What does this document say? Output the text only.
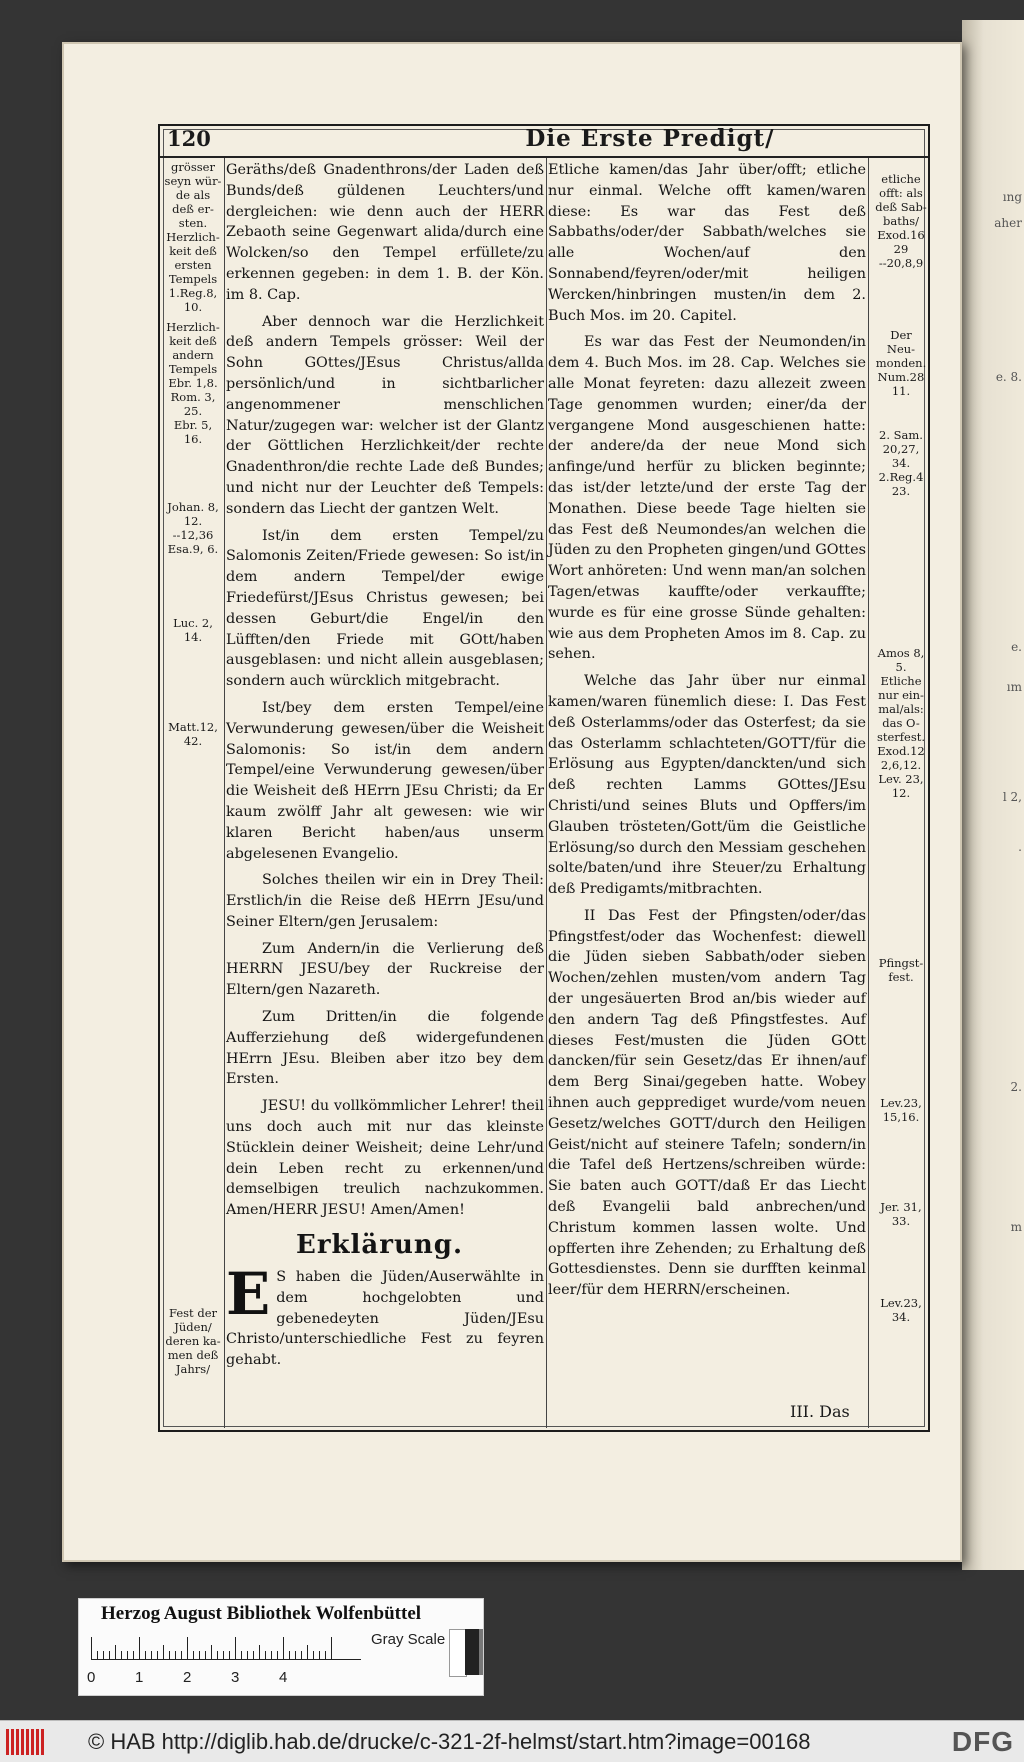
ıng
aher
e. 8.
e.
ım
l 2,
.
2.
m
120	Die Erste Predigt/

Geräths/deß Gnadenthrons/der Laden deß Bunds/deß güldenen Leuchters/und dergleichen: wie denn auch der HERR Zebaoth seine Gegenwart alida/durch eine Wolcken/so den Tempel erfüllete/zu erkennen gegeben: in dem 1. B. der Kön. im 8. Cap.

Aber dennoch war die Herzlichkeit deß andern Tempels grösser: Weil der Sohn GOttes/JEsus Christus/allda persönlich/und in sichtbarlicher angenommener menschlichen Natur/zugegen war: welcher ist der Glantz der Göttlichen Herzlichkeit/der rechte Gnadenthron/die rechte Lade deß Bundes; und nicht nur der Leuchter deß Tempels: sondern das Liecht der gantzen Welt.

Ist/in dem ersten Tempel/zu Salomonis Zeiten/Friede gewesen: So ist/in dem andern Tempel/der ewige Friedefürst/JEsus Christus gewesen; bei dessen Geburt/die Engel/in den Lüfften/den Friede mit GOtt/haben ausgeblasen: und nicht allein ausgeblasen; sondern auch würcklich mitgebracht.

Ist/bey dem ersten Tempel/eine Verwunderung gewesen/über die Weisheit Salomonis: So ist/in dem andern Tempel/eine Verwunderung gewesen/über die Weisheit deß HErrn JEsu Christi; da Er kaum zwölff Jahr alt gewesen: wie wir klaren Bericht haben/aus unserm abgelesenen Evangelio.

Solches theilen wir ein in Drey Theil: Erstlich/in die Reise deß HErrn JEsu/und Seiner Eltern/gen Jerusalem:

Zum Andern/in die Verlierung deß HERRN JESU/bey der Ruckreise der Eltern/gen Nazareth.

Zum Dritten/in die folgende Aufferziehung deß widergefundenen HErrn JEsu. Bleiben aber itzo bey dem Ersten.

JESU! du vollkömmlicher Lehrer! theil uns doch auch mit nur das kleinste Stücklein deiner Weisheit; deine Lehr/und dein Leben recht zu erkennen/und demselbigen treulich nachzukommen. Amen/HERR JESU! Amen/Amen!

Erklärung.

E S haben die Jüden/Auserwählte in dem hochgelobten und gebenedeyten Jüden/JEsu Christo/unterschiedliche Fest zu feyren gehabt.

Etliche kamen/das Jahr über/offt; etliche nur einmal. Welche offt kamen/waren diese: Es war das Fest deß Sabbaths/oder/der Sabbath/welches sie alle Wochen/auf den Sonnabend/feyren/oder/mit heiligen Wercken/hinbringen musten/in dem 2. Buch Mos. im 20. Capitel.

Es war das Fest der Neumonden/in dem 4. Buch Mos. im 28. Cap. Welches sie alle Monat feyreten: dazu allezeit zween Tage genommen wurden; einer/da der vergangene Mond ausgeschienen hatte: der andere/da der neue Mond sich anfinge/und herfür zu blicken beginnte; das ist/der letzte/und der erste Tag der Monathen. Diese beede Tage hielten sie das Fest deß Neumondes/an welchen die Jüden zu den Propheten gingen/und GOttes Wort anhöreten: Und wenn man/an solchen Tagen/etwas kauffte/oder verkauffte; wurde es für eine grosse Sünde gehalten: wie aus dem Propheten Amos im 8. Cap. zu sehen.

Welche das Jahr über nur einmal kamen/waren fünemlich diese: I. Das Fest deß Osterlamms/oder das Osterfest; da sie das Osterlamm schlachteten/GOTT/für die Erlösung aus Egypten/danckten/und sich deß rechten Lamms GOttes/JEsu Christi/und seines Bluts und Opffers/im Glauben trösteten/Gott/üm die Geistliche Erlösung/so durch den Messiam geschehen solte/baten/und ihre Steuer/zu Erhaltung deß Predigamts/mitbrachten.

II Das Fest der Pfingsten/oder/das Pfingstfest/oder das Wochenfest: diewell die Jüden sieben Sabbath/oder sieben Wochen/zehlen musten/vom andern Tag der ungesäuerten Brod an/bis wieder auf den andern Tag deß Pfingstfestes. Auf dieses Fest/musten die Jüden GOtt dancken/für sein Gesetz/das Er ihnen/auf dem Berg Sinai/gegeben hatte. Wobey ihnen auch gepprediget wurde/vom neuen Gesetz/welches GOTT/durch den Heiligen Geist/nicht auf steinere Tafeln; sondern/in die Tafel deß Hertzens/schreiben würde: Sie baten auch GOTT/daß Er das Liecht deß Evangelii bald anbrechen/und Christum kommen lassen wolte. Und opfferten ihre Zehenden; zu Erhaltung deß Gottesdienstes. Denn sie durfften keinmal leer/für dem HERRN/erscheinen.

grösser
seyn wür-
de als
deß er-
sten.
Herzlich-
keit deß
ersten
Tempels
1.Reg.8,
10.
Herzlich-
keit deß
andern
Tempels
Ebr. 1,8.
Rom. 3,
25.
Ebr. 5,
16.
Johan. 8,
12.
--12,36
Esa.9, 6.
Luc. 2,
14.
Matt.12,
42.
Fest der
Jüden/
deren ka-
men deß
Jahrs/
etliche
offt: als
deß Sab-
baths/
Exod.16
29
--20,8,9
Der
Neu-
monden.
Num.28
11.
2. Sam.
20,27,
34.
2.Reg.4
23.
Amos 8,
5.
Etliche
nur ein-
mal/als:
das O-
sterfest.
Exod.12
2,6,12.
Lev. 23,
12.
Pfingst-
fest.
Lev.23,
15,16.
Jer. 31,
33.
Lev.23,
34.
III. Das
Herzog August Bibliothek Wolfenbüttel
0	1	2	3	4
Gray Scale
© HAB http://diglib.hab.de/drucke/c-321-2f-helmst/start.htm?image=00168	DFG
